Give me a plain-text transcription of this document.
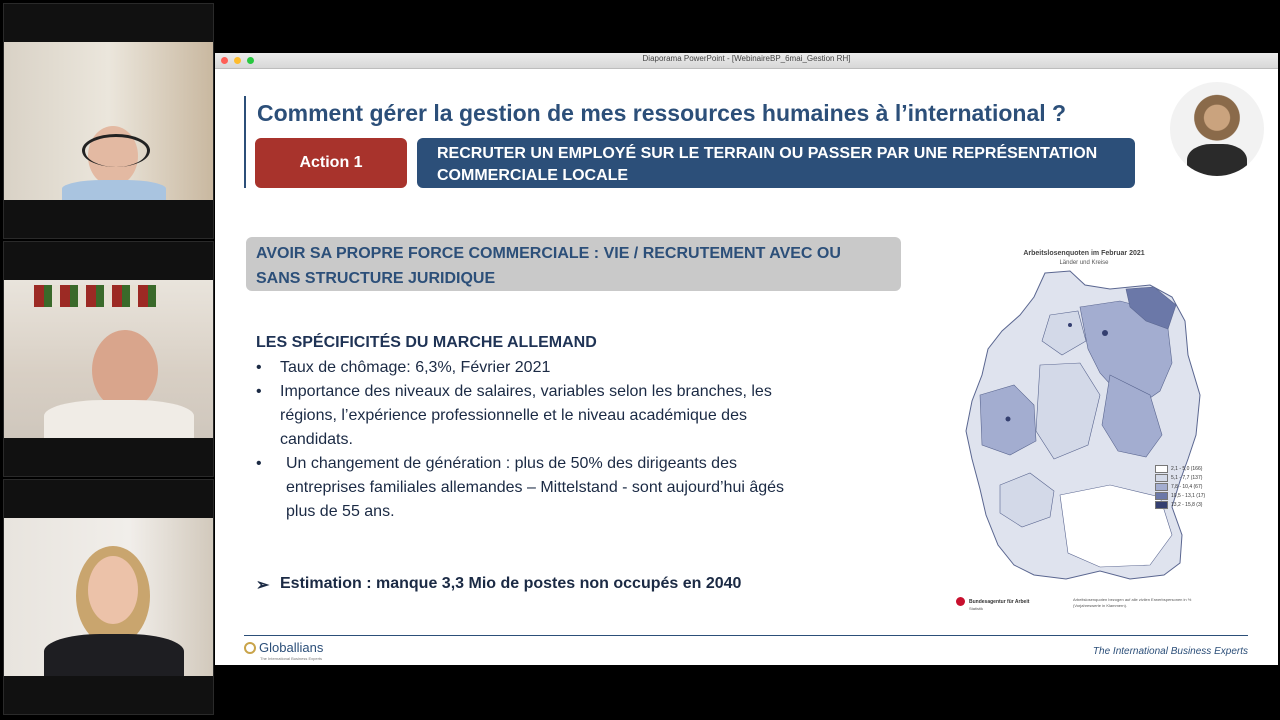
Diaporama PowerPoint - [WebinaireBP_6mai_Gestion RH]
Comment gérer la gestion de mes ressources humaines à l’international ?
Action 1
RECRUTER UN EMPLOYÉ SUR LE TERRAIN OU PASSER PAR UNE REPRÉSENTATION
COMMERCIALE LOCALE
AVOIR SA PROPRE FORCE COMMERCIALE : VIE / RECRUTEMENT AVEC OU
SANS STRUCTURE JURIDIQUE
LES SPÉCIFICITÉS DU MARCHE ALLEMAND
•	Taux de chômage: 6,3%, Février 2021
•	Importance des niveaux de salaires, variables selon les branches, les
régions, l’expérience professionnelle et le niveau académique des
candidats.
•	Un changement de génération : plus de 50% des dirigeants des
entreprises familiales allemandes – Mittelstand - sont aujourd’hui âgés
plus de 55 ans.
➢ Estimation : manque 3,3 Mio de postes non occupés en 2040
Arbeitslosenquoten im Februar 2021
Länder und Kreise
2,1 - 5,0 (166)
5,1 - 7,7 (137)
7,8 - 10,4 (67)
10,5 - 13,1 (17)
13,2 - 15,8 (3)
Bundesagentur für Arbeit
Statistik
Arbeitslosenquoten bezogen auf alle zivilen Erwerbspersonen in % (Vorjahreswerte in Klammern).
Globallians
The International Business Experts
The International Business Experts
